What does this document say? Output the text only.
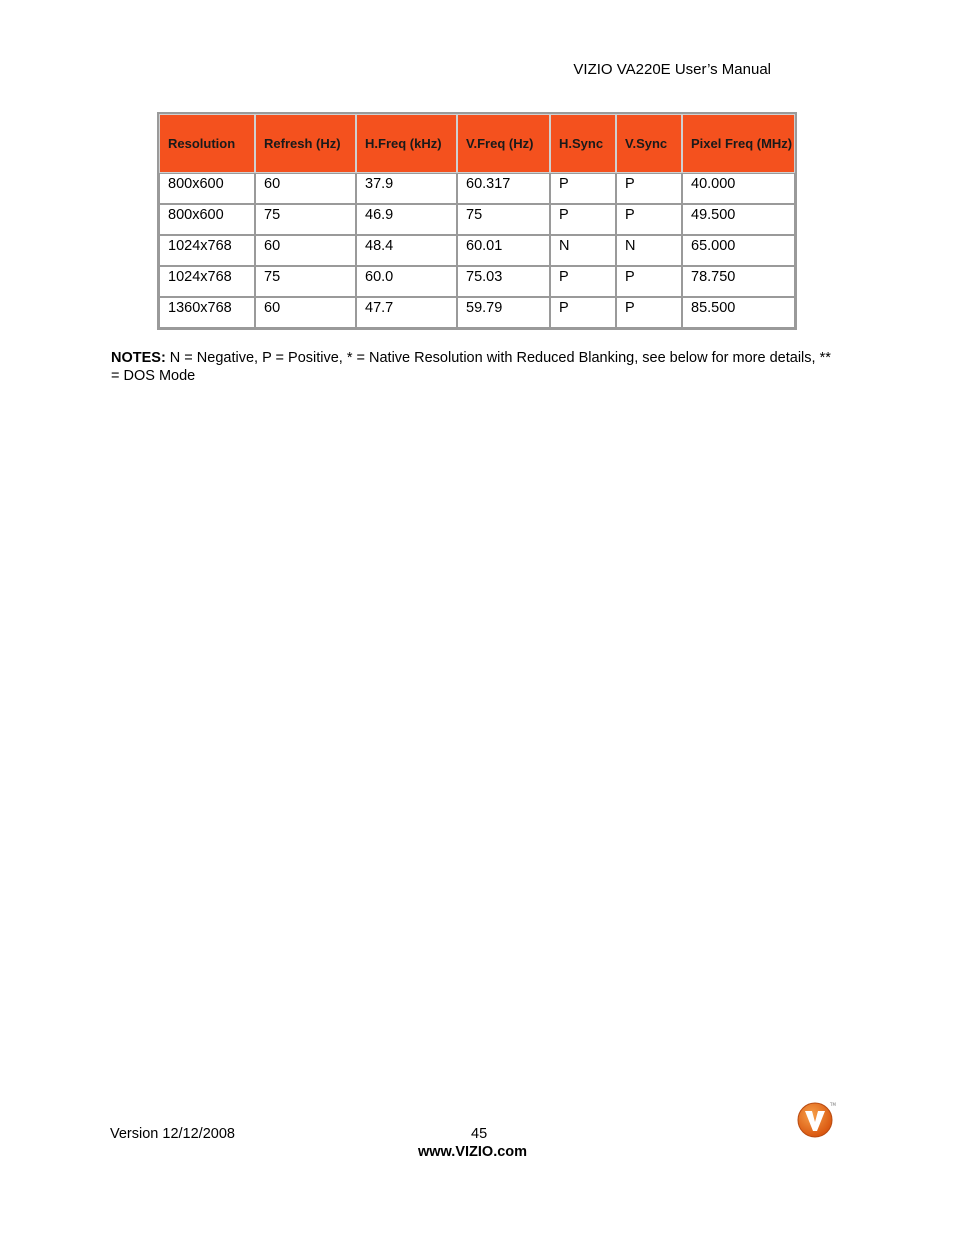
VIZIO VA220E User’s Manual
Resolution	Refresh (Hz)	H.Freq (kHz)	V.Freq (Hz)	H.Sync	V.Sync	Pixel Freq (MHz)
800x600	60	37.9	60.317	P	P	40.000
800x600	75	46.9	75	P	P	49.500
1024x768	60	48.4	60.01	N	N	65.000
1024x768	75	60.0	75.03	P	P	78.750
1360x768	60	47.7	59.79	P	P	85.500
NOTES: N = Negative, P = Positive, * = Native Resolution with Reduced Blanking, see below for more details, ** = DOS Mode
Version 12/12/2008	45
www.VIZIO.com
TM
